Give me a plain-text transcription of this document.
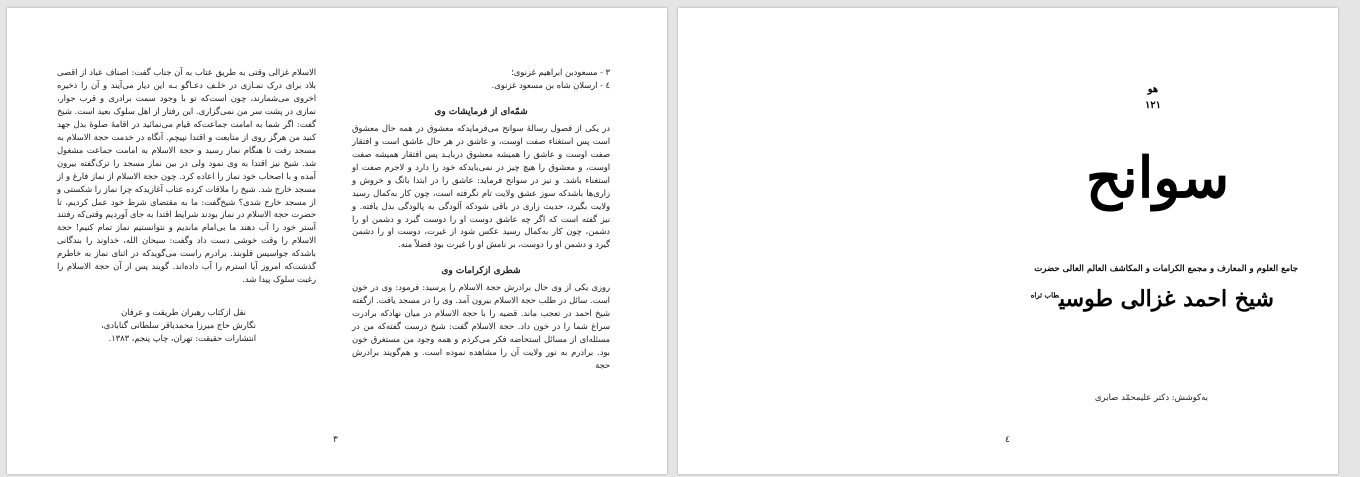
۳ - مسعودبن ابراهیم غزنوی؛

٤ - ارسلان شاه بن مسعود غزنوی.

شمّه‌ای از فرمایشات وی

در یکی از فصول رسالهٔ سوانح می‌فرمایدکه معشوق در همه حال معشوق است پس استغناء صفت اوست، و عاشق در هر حال عاشق است و افتقار صفت اوست و عاشق را همیشه معشوق دربایـد پس افتقار همیشه صفت اوست، و معشوق را هیچ چیز در نمی‌بایدکه خود را دارد و لاجرم صفت او استغناء باشد. و نیز در سوانح فرماید: عاشق را در ابتدا بانگ و خروش و زاری‌ها باشدکه سوز عشق ولایت تام نگرفته است، چون کار به‌کمال رسید ولایت بگیرد، حدیث زاری در باقی شودکه آلودگی به پالودگی بدل یافته. و نیز گفته است که اگر چه عاشق دوست او را دوست گیرد و دشمن او را دشمن، چون کار به‌کمال رسید عکس شود از غیرت، دوست او را دشمن گیرد و دشمن او را دوست، بر نامش او را غیرت بود فضلاً منه.

شطری ازکرامات وی

روزی یکی از وی حال برادرش حجة الاسلام را پرسید: فرمود: وی در خون است. سائل در طلب حجة الاسلام بیرون آمد. وی را در مسجد یافت. ازگفته شیخ احمد در تعجب ماند. قضیه را با حجة الاسلام در میان نهادکه برادرت سراغ شما را در خون داد. حجة الاسلام گفت: شیخ درست گفته‌که من در مسئله‌ای از مسائل استحاضه فکر می‌کردم و همه وجود من مستغرق خون بود. برادرم به نور ولایت آن را مشاهده نموده است. و هم‌گویند برادرش حجة

الاسلام غزالی وقتی به طریق عتاب به آن جناب گفت: اصناف عباد از اقصی بلاد برای درک نمـازی در خلـف دعـاگو بـه این دیار می‌آیند و آن را ذخیره اخروی می‌شمارند، چون است‌که تو با وجود سمت برادری و قرب جوار، نمازی در پشت سر من نمی‌گزاری. این رفتار از اهل سلوک بعید است. شیخ گفت: اگر شما به امامت جماعت‌که قیام می‌نمائید در اقامهٔ صلوهٔ بدل جهد کنید من هرگز روی از متابعت و اقتدا نپیچم. آنگاه در خدمت حجة الاسلام به مسجد رفت تا هنگام نماز رسید و حجة الاسلام به امامت جماعت مشغول شد. شیخ نیز اقتدا به وی نمود ولی در بین نماز مسجد را ترک‌گفته بیرون آمده و با اصحاب خود نماز را اعاده کرد. چون حجة الاسلام از نماز فارغ و از مسجد خارج شد. شیخ را ملاقات کرده عتاب آغازیدکه چرا نماز را شکستی و از مسجد خارج شدی؟ شیخ‌گفت: ما به مقتضای شرط خود عمل کردیم، تا حضرت حجة الاسلام در نماز بودند شرایط اقتدا به جای آوردیم وقتی‌که رفتند آستر خود را آب دهند ما بی‌امام ماندیم و نتوانستیم نماز تمام کنیم! حجة الاسلام را وقت خوشی دست داد وگفت: سبحان الله، خداوند را بندگانی باشدکه جواسیس قلوبند. برادرم راست می‌گویدکه در اثنای نماز به خاطرم گذشت‌که امروز آیا استرم را آب داده‌اند. گویند پس از آن حجة الاسلام را رغبت سلوک پیدا شد.

نقل ازکتاب رهبران طریقت و عرفان

نگارش حاج میرزا محمدباقر سلطانی گنابادی،

انتشارات حقیقت: تهران، چاپ پنجم، ۱۳۸۳.

۳
هو
۱۲۱
سوانح
جامع العلوم و المعارف و مجمع الکرامات و المکاشف العالم العالی حضرت
شیخ احمد غزالی طوسی$^{طاب ثراه}$
به‌کوشش: دکتر علیمحمّد صابری
٤
